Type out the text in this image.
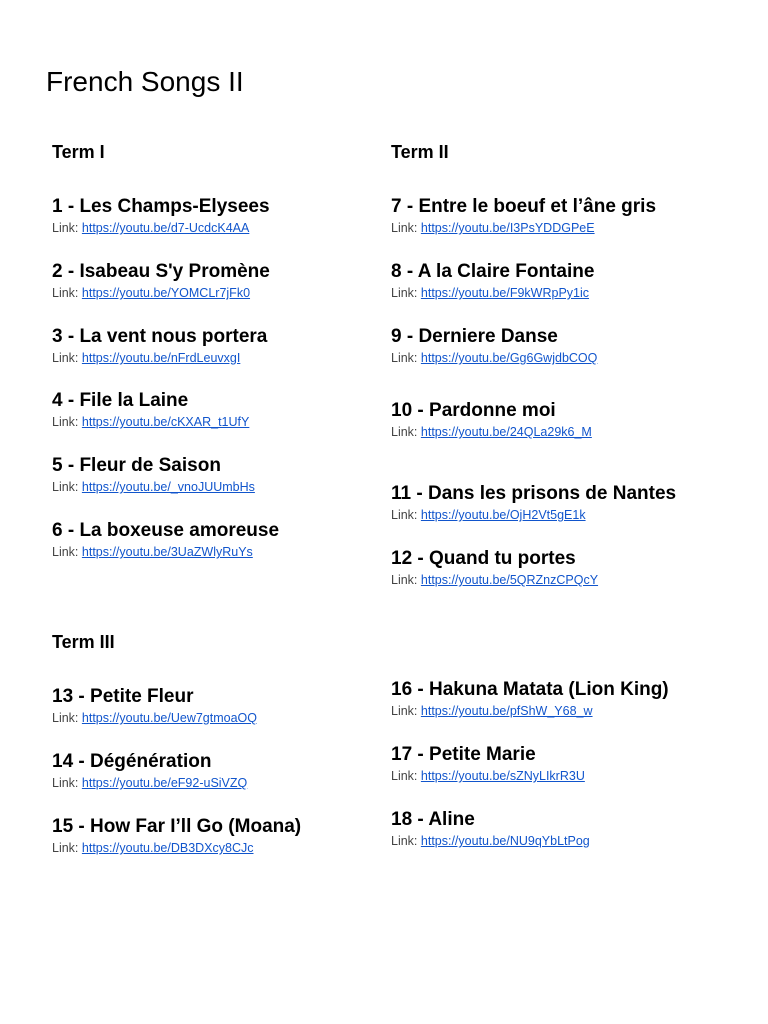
French Songs II
Term I	Term II
Term III
1 - Les Champs-Elysees
Link: https://youtu.be/d7-UcdcK4AA
2 - Isabeau S'y Promène
Link: https://youtu.be/YOMCLr7jFk0
3 - La vent nous portera
Link: https://youtu.be/nFrdLeuvxgI
4 - File la Laine
Link: https://youtu.be/cKXAR_t1UfY
5 - Fleur de Saison
Link: https://youtu.be/_vnoJUUmbHs
6 - La boxeuse amoreuse
Link: https://youtu.be/3UaZWlyRuYs
7 - Entre le boeuf et l’âne gris
Link: https://youtu.be/I3PsYDDGPeE
8 - A la Claire Fontaine
Link: https://youtu.be/F9kWRpPy1ic
9 - Derniere Danse
Link: https://youtu.be/Gg6GwjdbCOQ
10 - Pardonne moi
Link: https://youtu.be/24QLa29k6_M
11 - Dans les prisons de Nantes
Link: https://youtu.be/OjH2Vt5gE1k
12 - Quand tu portes
Link: https://youtu.be/5QRZnzCPQcY
13 - Petite Fleur
Link: https://youtu.be/Uew7gtmoaOQ
14 - Dégénération
Link: https://youtu.be/eF92-uSiVZQ
15 - How Far I’ll Go (Moana)
Link: https://youtu.be/DB3DXcy8CJc
16 - Hakuna Matata (Lion King)
Link: https://youtu.be/pfShW_Y68_w
17 - Petite Marie
Link: https://youtu.be/sZNyLIkrR3U
18 - Aline
Link: https://youtu.be/NU9qYbLtPog
